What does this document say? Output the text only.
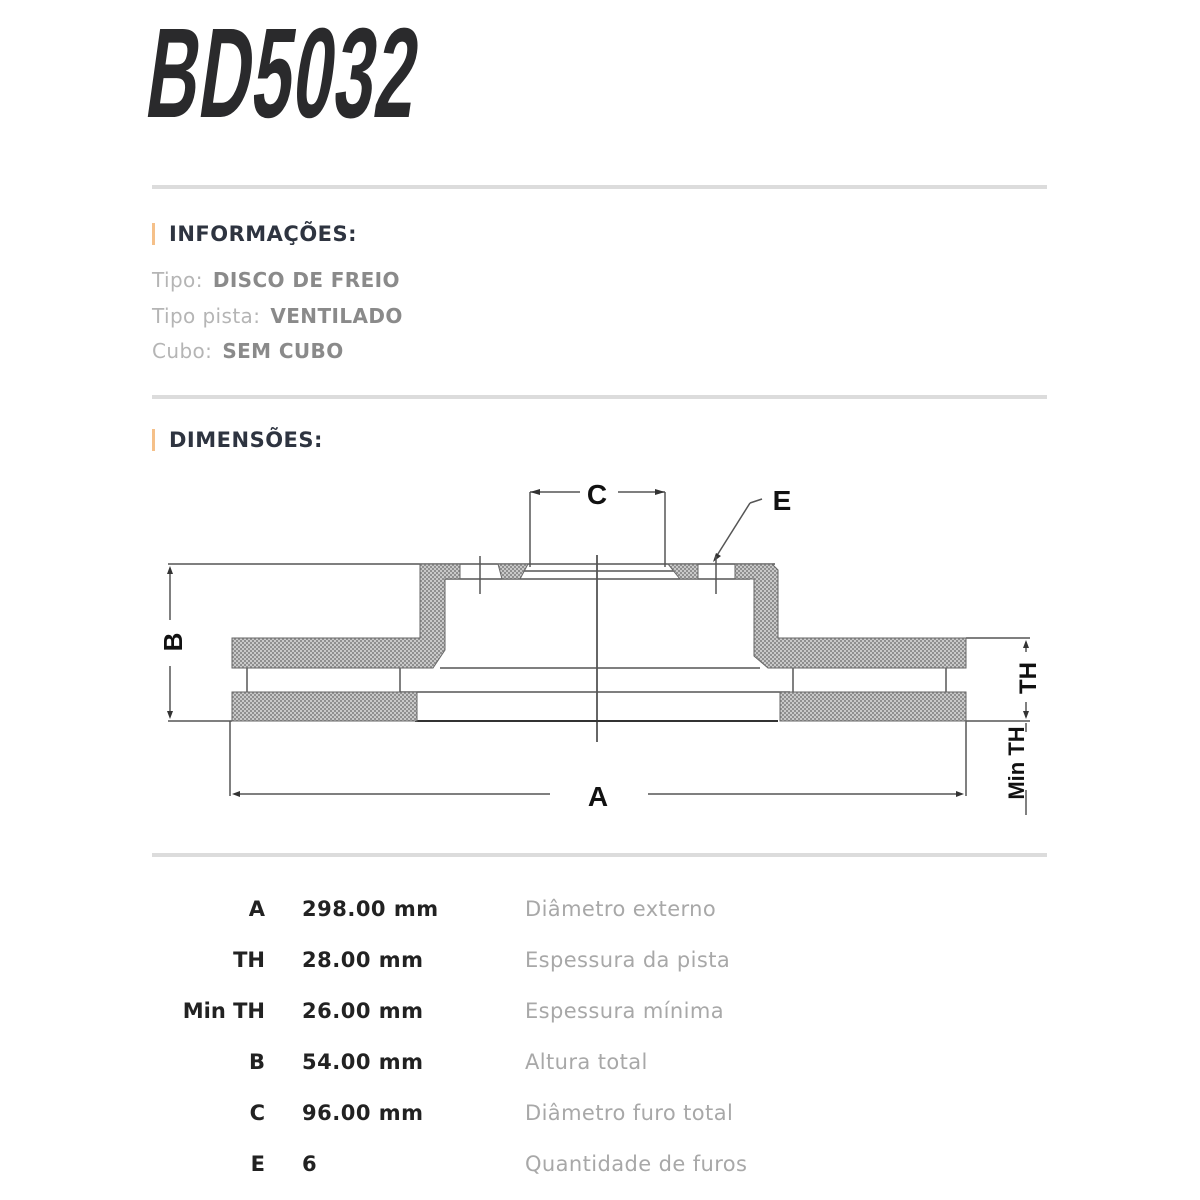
BD5032
INFORMAÇÕES:
Tipo: DISCO DE FREIO
Tipo pista: VENTILADO
Cubo: SEM CUBO
DIMENSÕES:
C	E
A
B
TH
Min TH
A 298.00 mm	Diâmetro externo
TH 28.00 mm	Espessura da pista
Min TH 26.00 mm	Espessura mínima
B 54.00 mm	Altura total
C 96.00 mm	Diâmetro furo total
E 6	Quantidade de furos
